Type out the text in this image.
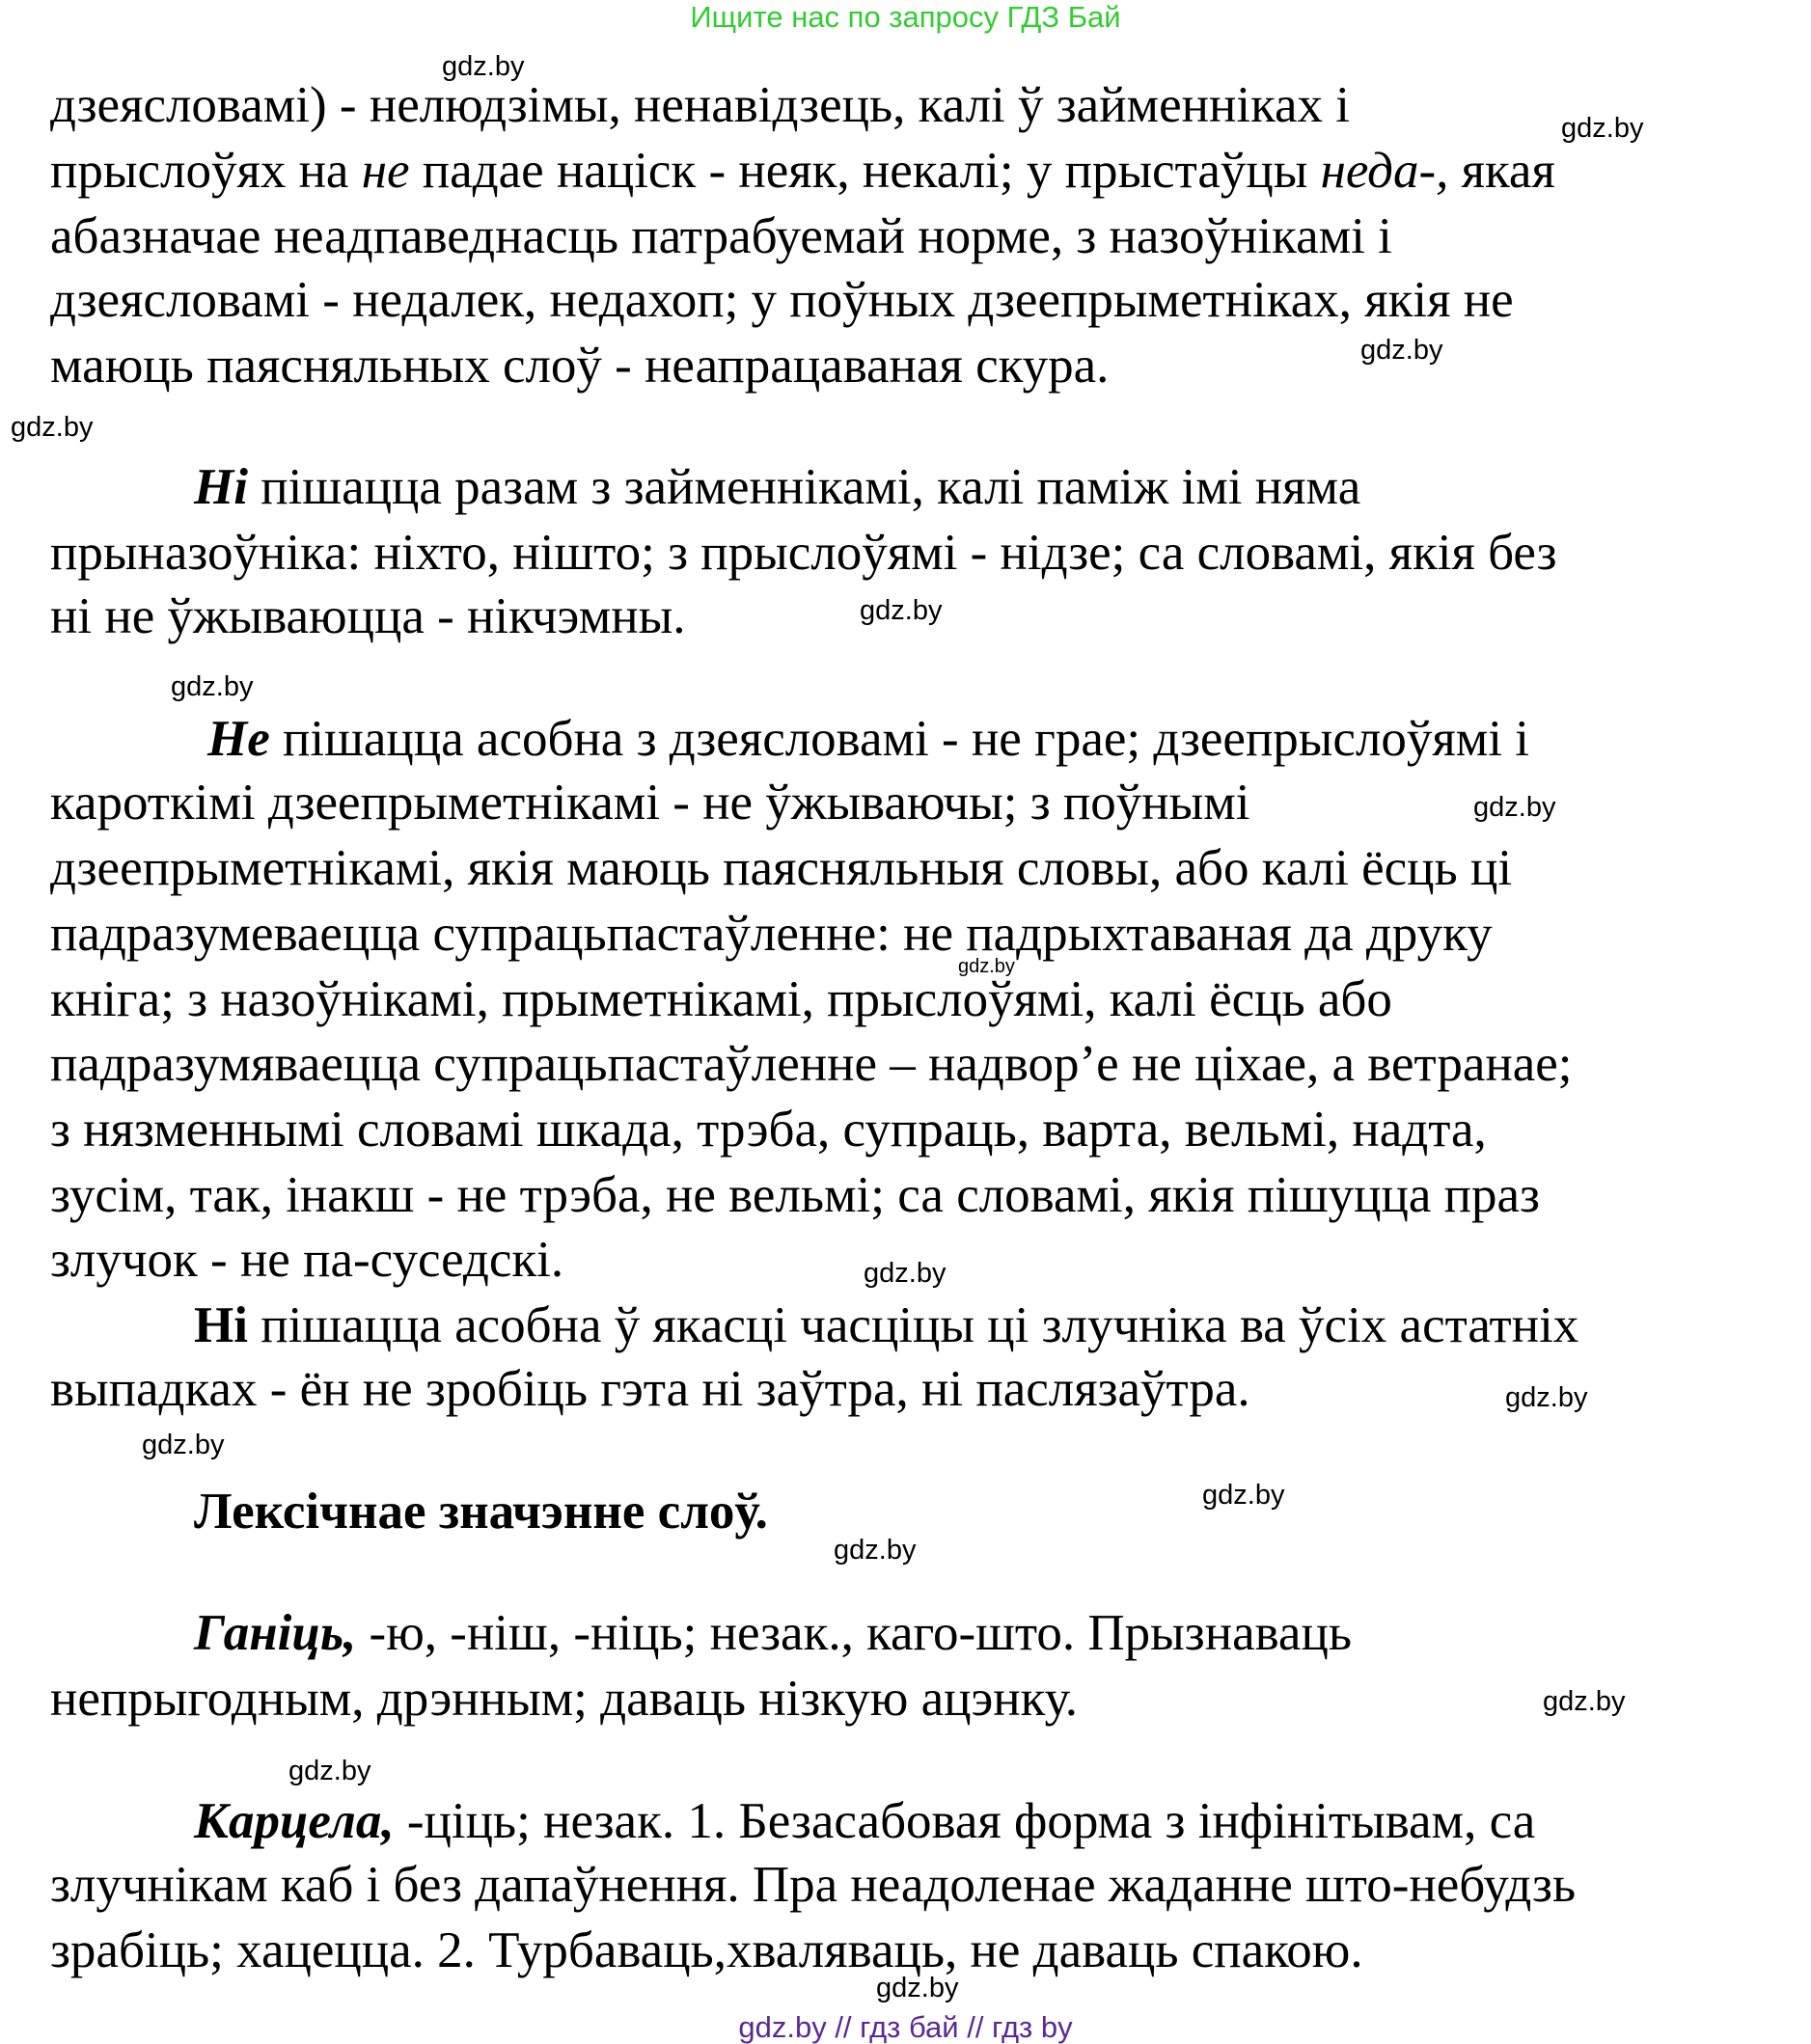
Ищите нас по запросу ГДЗ Бай
gdz.by // гдз бай // гдз by
дзеясловамі) - нелюдзімы, ненавідзець, калі ў займенніках і
прыслоўях на не падае націск - неяк, некалі; у прыстаўцы неда-, якая
абазначае неадпаведнасць патрабуемай норме, з назоўнікамі і
дзеясловамі - недалек, недахоп; у поўных дзеепрыметніках, якія не
маюць паясняльных слоў - неапрацаваная скура.
Ні пішацца разам з займеннікамі, калі паміж імі няма
прыназоўніка: ніхто, нішто; з прыслоўямі - нідзе; са словамі, якія без
ні не ўжываюцца - нікчэмны.
Не пішацца асобна з дзеясловамі - не грае; дзеепрыслоўямі і
кароткімі дзеепрыметнікамі - не ўжываючы; з поўнымі
дзеепрыметнікамі, якія маюць паясняльныя словы, або калі ёсць ці
падразумеваецца супрацьпастаўленне: не падрыхтаваная да друку
кніга; з назоўнікамі, прыметнікамі, прыслоўямі, калі ёсць або
падразумяваецца супрацьпастаўленне – надвор’е не ціхае, а ветранае;
з нязменнымі словамі шкада, трэба, супраць, варта, вельмі, надта,
зусім, так, інакш - не трэба, не вельмі; са словамі, якія пішуцца праз
злучок - не па-суседскі.
Ні пішацца асобна ў якасці часціцы ці злучніка ва ўсіх астатніх
выпадках - ён не зробіць гэта ні заўтра, ні паслязаўтра.
Лексічнае значэнне слоў.
Ганіць, -ю, -ніш, -ніць; незак., каго-што. Прызнаваць
непрыгодным, дрэнным; даваць нізкую ацэнку.
Карцела, -ціць; незак. 1. Безасабовая форма з інфінітывам, са
злучнікам каб і без дапаўнення. Пра неадоленае жаданне што-небудзь
зрабіць; хацецца. 2. Турбаваць,хваляваць, не даваць спакою.
gdz.by
gdz.by
gdz.by
gdz.by
gdz.by
gdz.by
gdz.by
gdz.by
gdz.by
gdz.by
gdz.by
gdz.by
gdz.by
gdz.by
gdz.by
gdz.by
